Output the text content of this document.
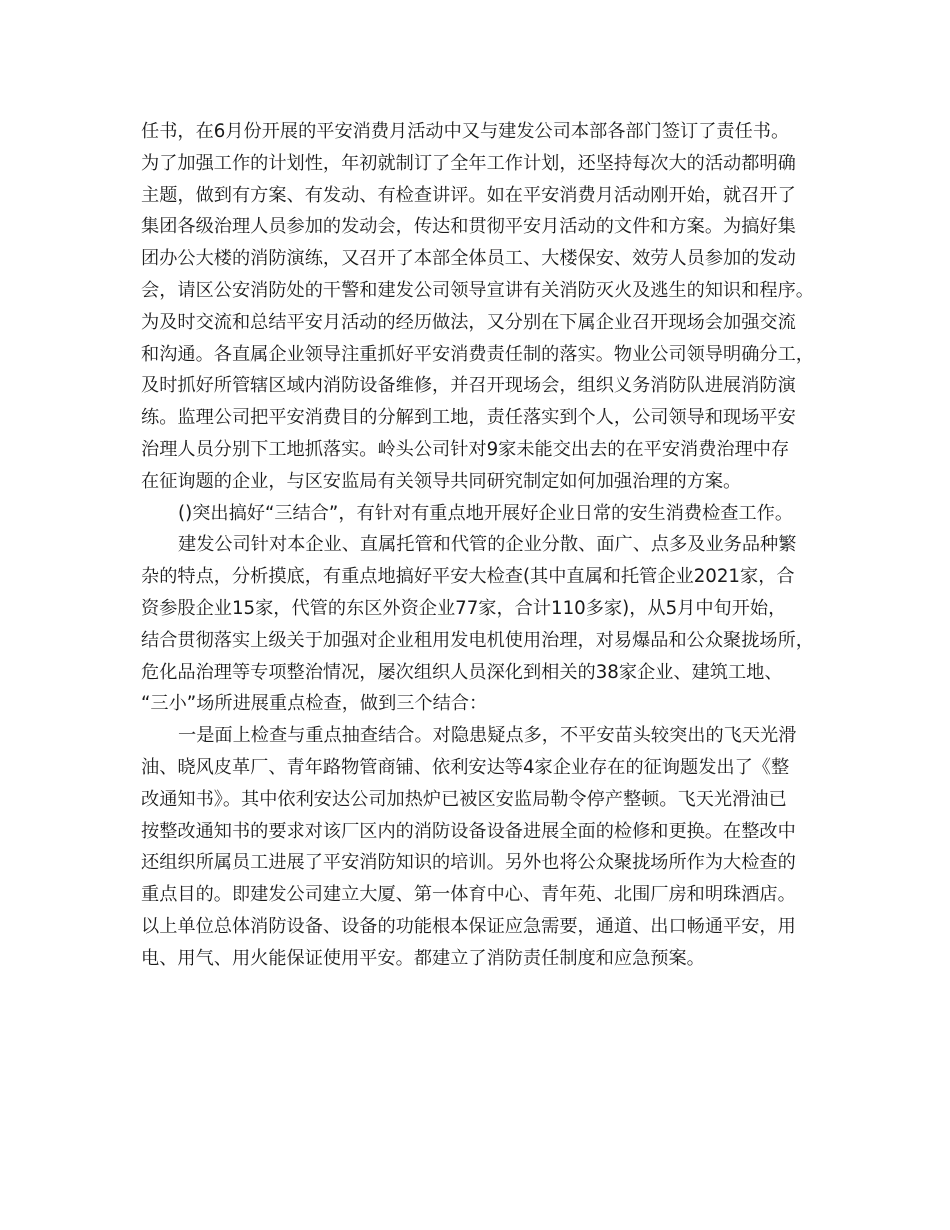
任书，在6月份开展的平安消费月活动中又与建发公司本部各部门签订了责任书。
为了加强工作的计划性，年初就制订了全年工作计划，还坚持每次大的活动都明确
主题，做到有方案、有发动、有检查讲评。如在平安消费月活动刚开始，就召开了
集团各级治理人员参加的发动会，传达和贯彻平安月活动的文件和方案。为搞好集
团办公大楼的消防演练，又召开了本部全体员工、大楼保安、效劳人员参加的发动
会，请区公安消防处的干警和建发公司领导宣讲有关消防灭火及逃生的知识和程序。
为及时交流和总结平安月活动的经历做法，又分别在下属企业召开现场会加强交流
和沟通。各直属企业领导注重抓好平安消费责任制的落实。物业公司领导明确分工，
及时抓好所管辖区域内消防设备维修，并召开现场会，组织义务消防队进展消防演
练。监理公司把平安消费目的分解到工地，责任落实到个人，公司领导和现场平安
治理人员分别下工地抓落实。岭头公司针对9家未能交出去的在平安消费治理中存
在征询题的企业，与区安监局有关领导共同研究制定如何加强治理的方案。
()突出搞好“三结合”，有针对有重点地开展好企业日常的安生消费检查工作。
建发公司针对本企业、直属托管和代管的企业分散、面广、点多及业务品种繁
杂的特点，分析摸底，有重点地搞好平安大检查(其中直属和托管企业2021家，合
资参股企业15家，代管的东区外资企业77家，合计110多家)，从5月中旬开始，
结合贯彻落实上级关于加强对企业租用发电机使用治理，对易爆品和公众聚拢场所，
危化品治理等专项整治情况，屡次组织人员深化到相关的38家企业、建筑工地、
“三小”场所进展重点检查，做到三个结合：
一是面上检查与重点抽查结合。对隐患疑点多，不平安苗头较突出的飞天光滑
油、晓风皮革厂、青年路物管商铺、依利安达等4家企业存在的征询题发出了《整
改通知书》。其中依利安达公司加热炉已被区安监局勒令停产整顿。飞天光滑油已
按整改通知书的要求对该厂区内的消防设备设备进展全面的检修和更换。在整改中
还组织所属员工进展了平安消防知识的培训。另外也将公众聚拢场所作为大检查的
重点目的。即建发公司建立大厦、第一体育中心、青年苑、北围厂房和明珠酒店。
以上单位总体消防设备、设备的功能根本保证应急需要，通道、出口畅通平安，用
电、用气、用火能保证使用平安。都建立了消防责任制度和应急预案。
